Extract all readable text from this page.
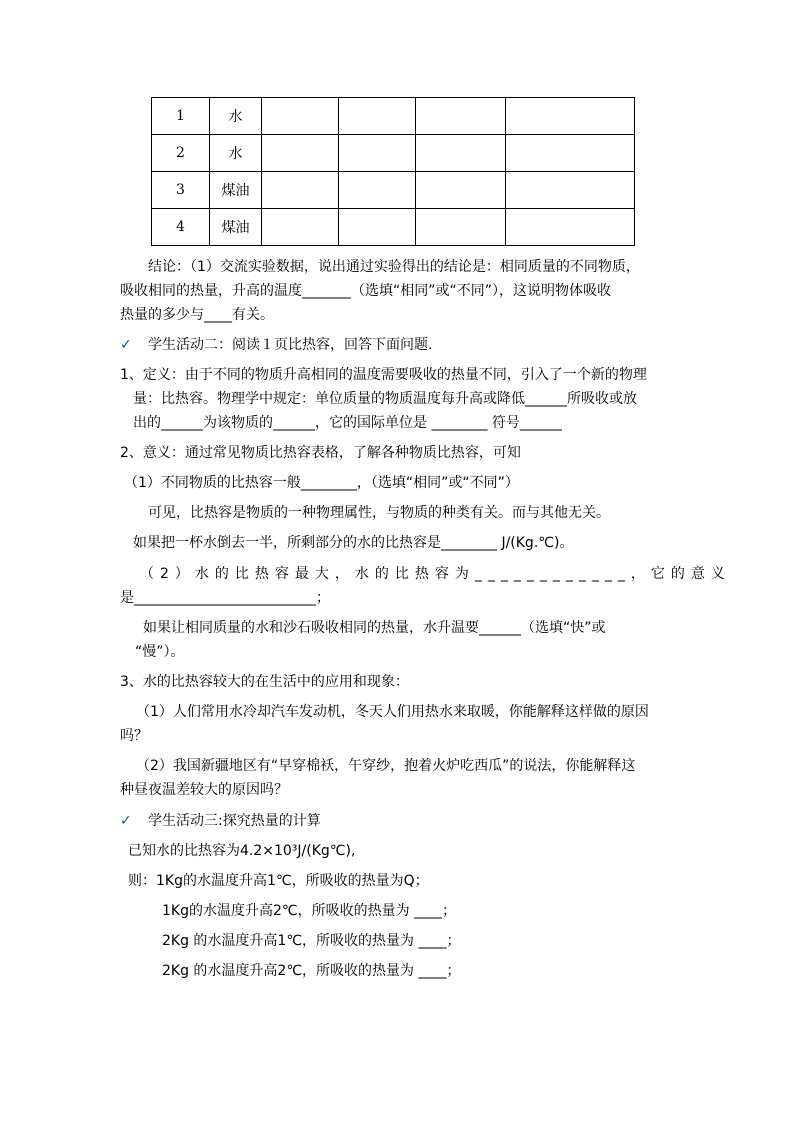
1	水				
2	水				
3	煤油				
4	煤油				
结论：（1）交流实验数据，说出通过实验得出的结论是：相同质量的不同物质，
吸收相同的热量，升高的温度_______（选填“相同”或“不同”），这说明物体吸收
热量的多少与____有关。
✓ 学生活动二：阅读１页比热容，回答下面问题.
1、定义：由于不同的物质升高相同的温度需要吸收的热量不同，引入了一个新的物理
量：比热容。物理学中规定：单位质量的物质温度每升高或降低______所吸收或放
出的______为该物质的______，它的国际单位是 ________ 符号______
2、意义：通过常见物质比热容表格，了解各种物质比热容，可知
（1）不同物质的比热容一般________，（选填“相同”或“不同”）
可见，比热容是物质的一种物理属性，与物质的种类有关。而与其他无关。
如果把一杯水倒去一半，所剩部分的水的比热容是________ J/(Kg.℃)。
（2）水的比热容最大，水的比热容为____________，它的意义
是__________________________；
如果让相同质量的水和沙石吸收相同的热量，水升温要______（选填“快”或
“慢”）。
3、水的比热容较大的在生活中的应用和现象：
（1）人们常用水冷却汽车发动机，冬天人们用热水来取暖，你能解释这样做的原因
吗？
（2）我国新疆地区有“早穿棉袄，午穿纱，抱着火炉吃西瓜”的说法，你能解释这
种昼夜温差较大的原因吗？
✓ 学生活动三:探究热量的计算
已知水的比热容为4.2×10³J/(Kg℃),
则：1Kg的水温度升高1℃，所吸收的热量为Q；
1Kg的水温度升高2℃，所吸收的热量为 ____；
2Kg 的水温度升高1℃，所吸收的热量为 ____；
2Kg 的水温度升高2℃，所吸收的热量为 ____；
